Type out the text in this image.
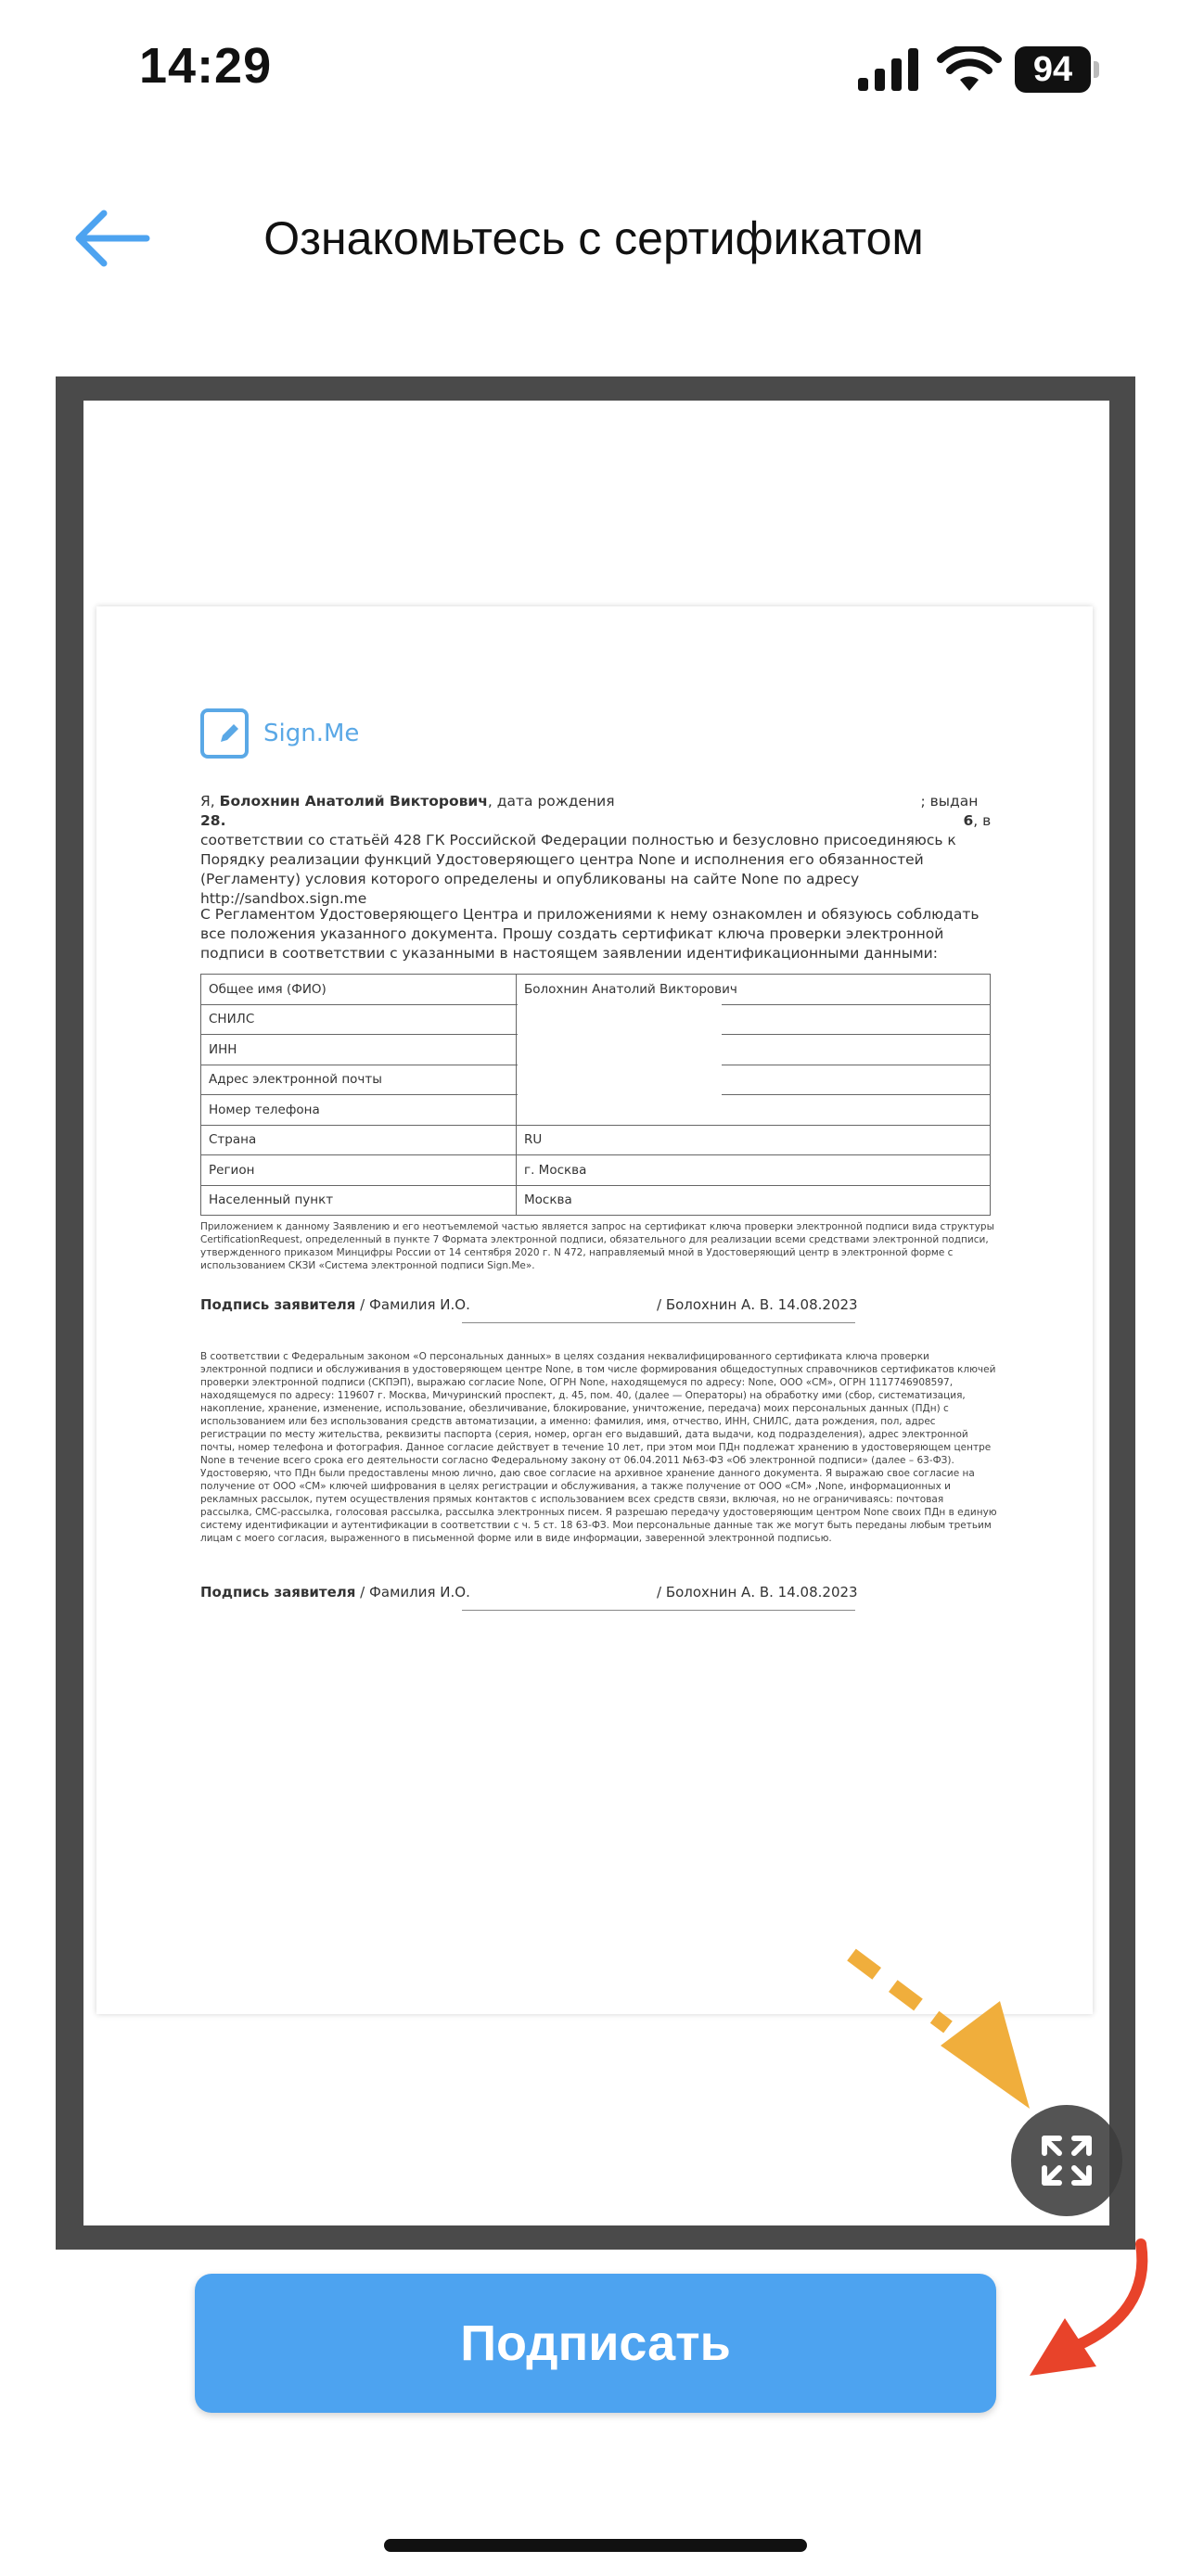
14:29	94
Ознакомьтесь с сертификатом
Sign.Me
Я, Болохнин Анатолий Викторович, дата рождения	; выдан
28.	6, в
соответствии со статьёй 428 ГК Российской Федерации полностью и безусловно присоединяюсь к Порядку реализации функций Удостоверяющего центра None и исполнения его обязанностей (Регламенту) условия которого определены и опубликованы на сайте None по адресу http://sandbox.sign.me
С Регламентом Удостоверяющего Центра и приложениями к нему ознакомлен и обязуюсь соблюдать все положения указанного документа. Прошу создать сертификат ключа проверки электронной подписи в соответствии с указанными в настоящем заявлении идентификационными данными:
Общее имя (ФИО)	Болохнин Анатолий Викторович
СНИЛС	
ИНН	
Адрес электронной почты	
Номер телефона	
Страна	RU
Регион	г. Москва
Населенный пункт	Москва
Приложением к данному Заявлению и его неотъемлемой частью является запрос на сертификат ключа проверки электронной подписи вида структуры CertificationRequest, определенный в пункте 7 Формата электронной подписи, обязательного для реализации всеми средствами электронной подписи, утвержденного приказом Минцифры России от 14 сентября 2020 г. N 472, направляемый мной в Удостоверяющий центр в электронной форме с использованием СКЗИ «Система электронной подписи Sign.Me».
Подпись заявителя / Фамилия И.О.	/ Болохнин А. В. 14.08.2023
В соответствии с Федеральным законом «О персональных данных» в целях создания неквалифицированного сертификата ключа проверки электронной подписи и обслуживания в удостоверяющем центре None, в том числе формирования общедоступных справочников сертификатов ключей проверки электронной подписи (СКПЭП), выражаю согласие None, ОГРН None, находящемуся по адресу: None, ООО «СМ», ОГРН 1117746908597, находящемуся по адресу: 119607 г. Москва, Мичуринский проспект, д. 45, пом. 40, (далее — Операторы) на обработку ими (сбор, систематизация, накопление, хранение, изменение, использование, обезличивание, блокирование, уничтожение, передача) моих персональных данных (ПДн) с использованием или без использования средств автоматизации, а именно: фамилия, имя, отчество, ИНН, СНИЛС, дата рождения, пол, адрес регистрации по месту жительства, реквизиты паспорта (серия, номер, орган его выдавший, дата выдачи, код подразделения), адрес электронной почты, номер телефона и фотография. Данное согласие действует в течение 10 лет, при этом мои ПДн подлежат хранению в удостоверяющем центре None в течение всего срока его деятельности согласно Федеральному закону от 06.04.2011 №63-ФЗ «Об электронной подписи» (далее – 63-ФЗ). Удостоверяю, что ПДн были предоставлены мною лично, даю свое согласие на архивное хранение данного документа. Я выражаю свое согласие на получение от ООО «СМ» ключей шифрования в целях регистрации и обслуживания, а также получение от ООО «СМ» ,None, информационных и рекламных рассылок, путем осуществления прямых контактов с использованием всех средств связи, включая, но не ограничиваясь: почтовая рассылка, СМС-рассылка, голосовая рассылка, рассылка электронных писем. Я разрешаю передачу удостоверяющим центром None своих ПДн в единую систему идентификации и аутентификации в соответствии с ч. 5 ст. 18 63-ФЗ. Мои персональные данные так же могут быть переданы любым третьим лицам с моего согласия, выраженного в письменной форме или в виде информации, заверенной электронной подписью.
Подпись заявителя / Фамилия И.О.	/ Болохнин А. В. 14.08.2023
Подписать
